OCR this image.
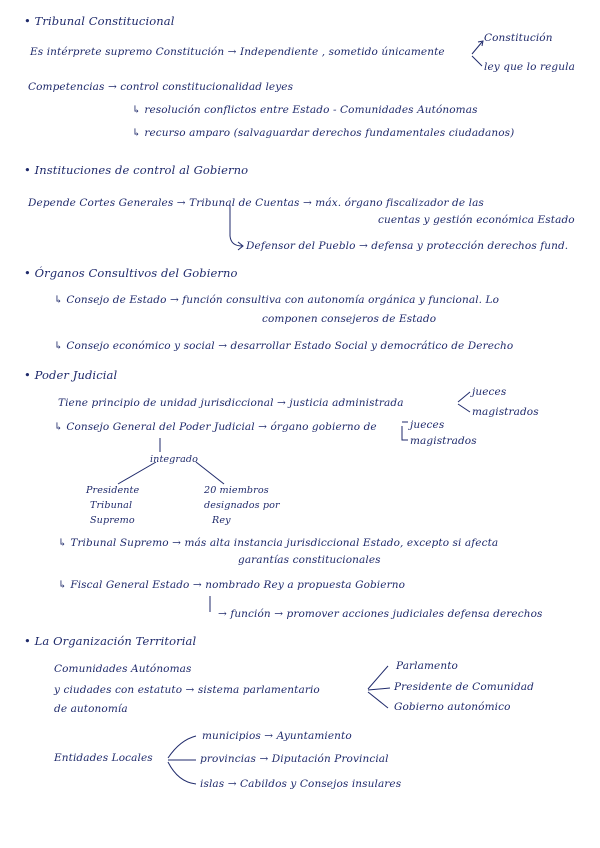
• Tribunal Constitucional
Es intérprete supremo Constitución → Independiente , sometido únicamente
Constitución
ley que lo regula
Competencias → control constitucionalidad leyes
↳ resolución conflictos entre Estado - Comunidades Autónomas
↳ recurso amparo (salvaguardar derechos fundamentales ciudadanos)
• Instituciones de control al Gobierno
Depende Cortes Generales → Tribunal de Cuentas → máx. órgano fiscalizador de las
cuentas y gestión económica Estado
Defensor del Pueblo → defensa y protección derechos fund.
• Órganos Consultivos del Gobierno
↳ Consejo de Estado → función consultiva con autonomía orgánica y funcional. Lo
componen consejeros de Estado
↳ Consejo económico y social → desarrollar Estado Social y democrático de Derecho
• Poder Judicial
Tiene principio de unidad jurisdiccional → justicia administrada
jueces
magistrados
↳ Consejo General del Poder Judicial → órgano gobierno de	jueces
magistrados
integrado
Presidente
Tribunal
Supremo
20 miembros
designados por
Rey
↳ Tribunal Supremo → más alta instancia jurisdiccional Estado, excepto si afecta
garantías constitucionales
↳ Fiscal General Estado → nombrado Rey a propuesta Gobierno
→ función → promover acciones judiciales defensa derechos
• La Organización Territorial
Comunidades Autónomas
y ciudades con estatuto → sistema parlamentario
de autonomía
Parlamento
Presidente de Comunidad
Gobierno autonómico
Entidades Locales
municipios → Ayuntamiento
provincias → Diputación Provincial
islas → Cabildos y Consejos insulares
